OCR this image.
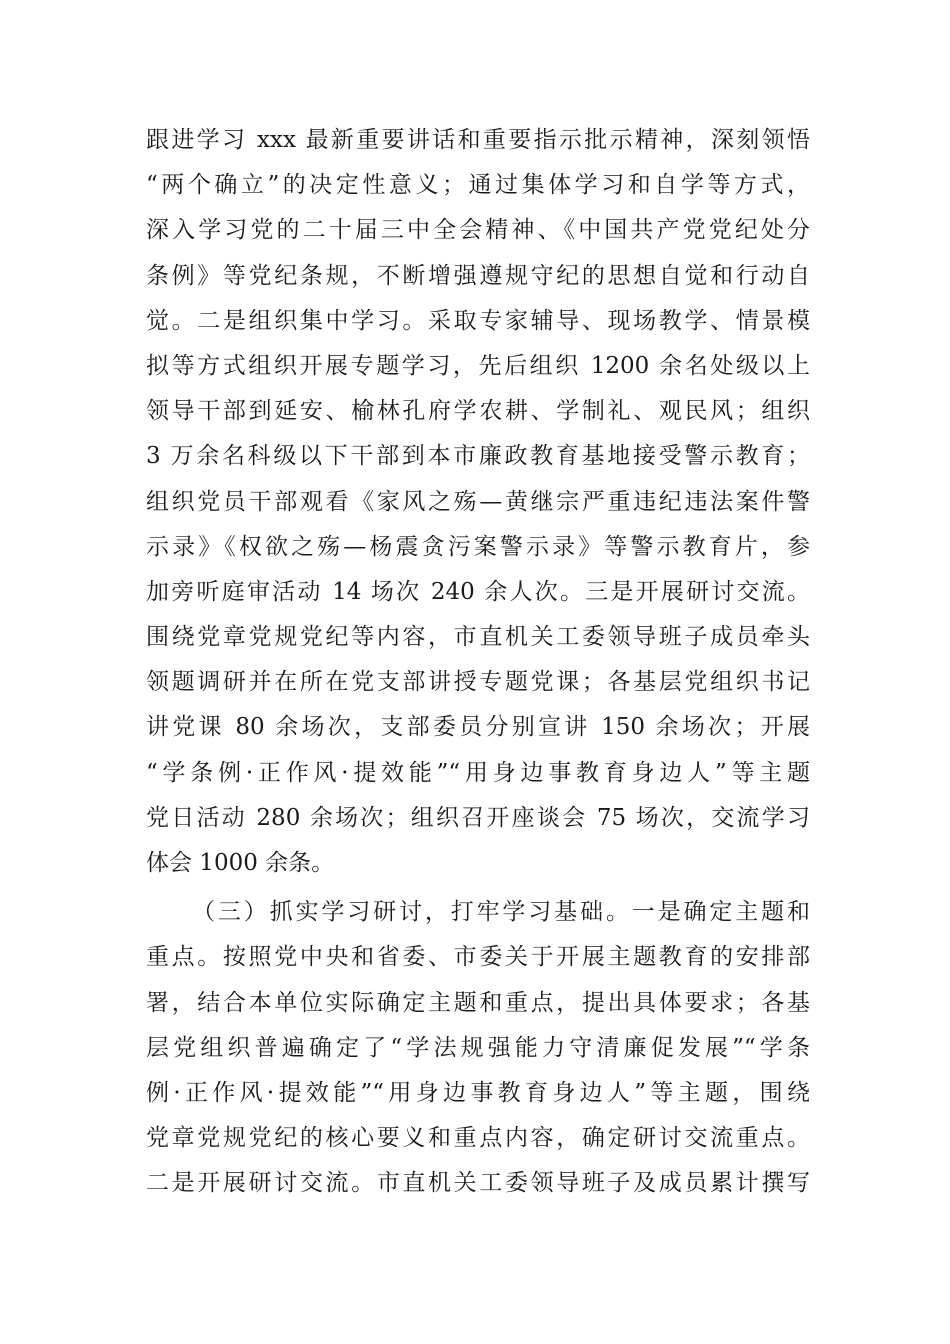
跟进学习 xxx 最新重要讲话和重要指示批示精神，深刻领悟
“两个确立”的决定性意义；通过集体学习和自学等方式，
深入学习党的二十届三中全会精神、《中国共产党党纪处分
条例》等党纪条规，不断增强遵规守纪的思想自觉和行动自
觉。二是组织集中学习。采取专家辅导、现场教学、情景模
拟等方式组织开展专题学习，先后组织 1200 余名处级以上
领导干部到延安、榆林孔府学农耕、学制礼、观民风；组织
3 万余名科级以下干部到本市廉政教育基地接受警示教育；
组织党员干部观看《家风之殇—黄继宗严重违纪违法案件警
示录》《权欲之殇—杨震贪污案警示录》等警示教育片，参
加旁听庭审活动 14 场次 240 余人次。三是开展研讨交流。
围绕党章党规党纪等内容，市直机关工委领导班子成员牵头
领题调研并在所在党支部讲授专题党课；各基层党组织书记
讲党课 80 余场次，支部委员分别宣讲 150 余场次；开展
“学条例·正作风·提效能”“用身边事教育身边人”等主题
党日活动 280 余场次；组织召开座谈会 75 场次，交流学习
体会 1000 余条。
（三）抓实学习研讨，打牢学习基础。一是确定主题和
重点。按照党中央和省委、市委关于开展主题教育的安排部
署，结合本单位实际确定主题和重点，提出具体要求；各基
层党组织普遍确定了“学法规强能力守清廉促发展”“学条
例·正作风·提效能”“用身边事教育身边人”等主题，围绕
党章党规党纪的核心要义和重点内容，确定研讨交流重点。
二是开展研讨交流。市直机关工委领导班子及成员累计撰写
